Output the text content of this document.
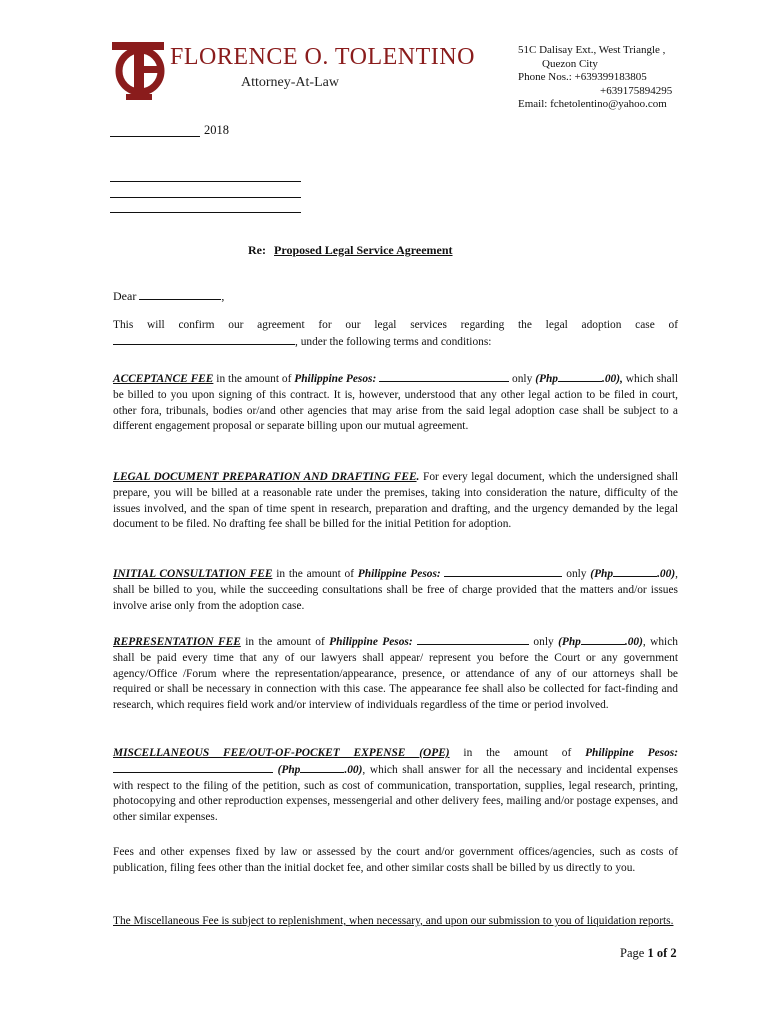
FLORENCE O. TOLENTINO
Attorney-At-Law
51C Dalisay Ext., West Triangle ,
Quezon City
Phone Nos.: +639399183805
+639175894295
Email: fchetolentino@yahoo.com
2018
Re: Proposed Legal Service Agreement
Dear	,
This will confirm our agreement for our legal services regarding the legal adoption case of , under the following terms and conditions:
ACCEPTANCE FEE in the amount of Philippine Pesos:	only (Php	.00), which shall be billed to you upon signing of this contract. It is, however, understood that any other legal action to be filed in court, other fora, tribunals, bodies or/and other agencies that may arise from the said legal adoption case shall be subject to a different engagement proposal or separate billing upon our mutual agreement.
LEGAL DOCUMENT PREPARATION AND DRAFTING FEE. For every legal document, which the undersigned shall prepare, you will be billed at a reasonable rate under the premises, taking into consideration the nature, difficulty of the issues involved, and the span of time spent in research, preparation and drafting, and the urgency demanded by the legal document to be filed. No drafting fee shall be billed for the initial Petition for adoption.
INITIAL CONSULTATION FEE in the amount of Philippine Pesos:	only (Php	.00), shall be billed to you, while the succeeding consultations shall be free of charge provided that the matters and/or issues involve arise only from the adoption case.
REPRESENTATION FEE in the amount of Philippine Pesos:	only (Php	.00), which shall be paid every time that any of our lawyers shall appear/ represent you before the Court or any government agency/Office /Forum where the representation/appearance, presence, or attendance of any of our attorneys shall be required or shall be necessary in connection with this case. The appearance fee shall also be collected for fact-finding and research, which requires field work and/or interview of individuals regardless of the time or period involved.
MISCELLANEOUS FEE/OUT-OF-POCKET EXPENSE (OPE) in the amount of Philippine Pesos:  (Php	.00), which shall answer for all the necessary and incidental expenses with respect to the filing of the petition, such as cost of communication, transportation, supplies, legal research, printing, photocopying and other reproduction expenses, messengerial and other delivery fees, mailing and/or postage expenses, and other similar expenses.
Fees and other expenses fixed by law or assessed by the court and/or government offices/agencies, such as costs of publication, filing fees other than the initial docket fee, and other similar costs shall be billed by us directly to you.
The Miscellaneous Fee is subject to replenishment, when necessary, and upon our submission to you of liquidation reports.
Page 1 of 2
